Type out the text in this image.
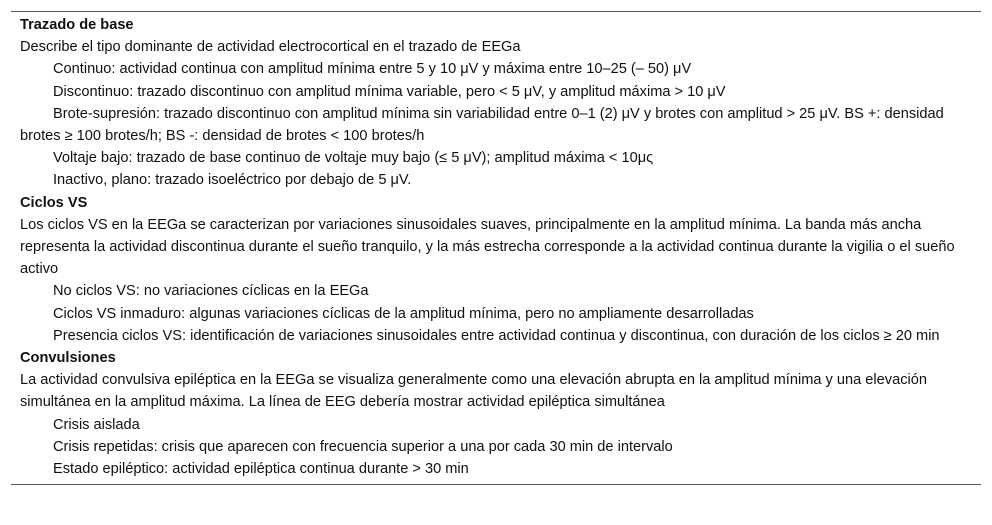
Trazado de base
Describe el tipo dominante de actividad electrocortical en el trazado de EEGa
Continuo: actividad continua con amplitud mínima entre 5 y 10 μV y máxima entre 10–25 (– 50) μV
Discontinuo: trazado discontinuo con amplitud mínima variable, pero < 5 μV, y amplitud máxima > 10 μV
Brote-supresión: trazado discontinuo con amplitud mínima sin variabilidad entre 0–1 (2) μV y brotes con amplitud > 25 μV. BS +: densidad brotes ≥ 100 brotes/h; BS -: densidad de brotes < 100 brotes/h
Voltaje bajo: trazado de base continuo de voltaje muy bajo (≤ 5 μV); amplitud máxima < 10μς
Inactivo, plano: trazado isoeléctrico por debajo de 5 μV.
Ciclos VS
Los ciclos VS en la EEGa se caracterizan por variaciones sinusoidales suaves, principalmente en la amplitud mínima. La banda más ancha representa la actividad discontinua durante el sueño tranquilo, y la más estrecha corresponde a la actividad continua durante la vigilia o el sueño activo
No ciclos VS: no variaciones cíclicas en la EEGa
Ciclos VS inmaduro: algunas variaciones cíclicas de la amplitud mínima, pero no ampliamente desarrolladas
Presencia ciclos VS: identificación de variaciones sinusoidales entre actividad continua y discontinua, con duración de los ciclos ≥ 20 min
Convulsiones
La actividad convulsiva epiléptica en la EEGa se visualiza generalmente como una elevación abrupta en la amplitud mínima y una elevación simultánea en la amplitud máxima. La línea de EEG debería mostrar actividad epiléptica simultánea
Crisis aislada
Crisis repetidas: crisis que aparecen con frecuencia superior a una por cada 30 min de intervalo
Estado epiléptico: actividad epiléptica continua durante > 30 min
